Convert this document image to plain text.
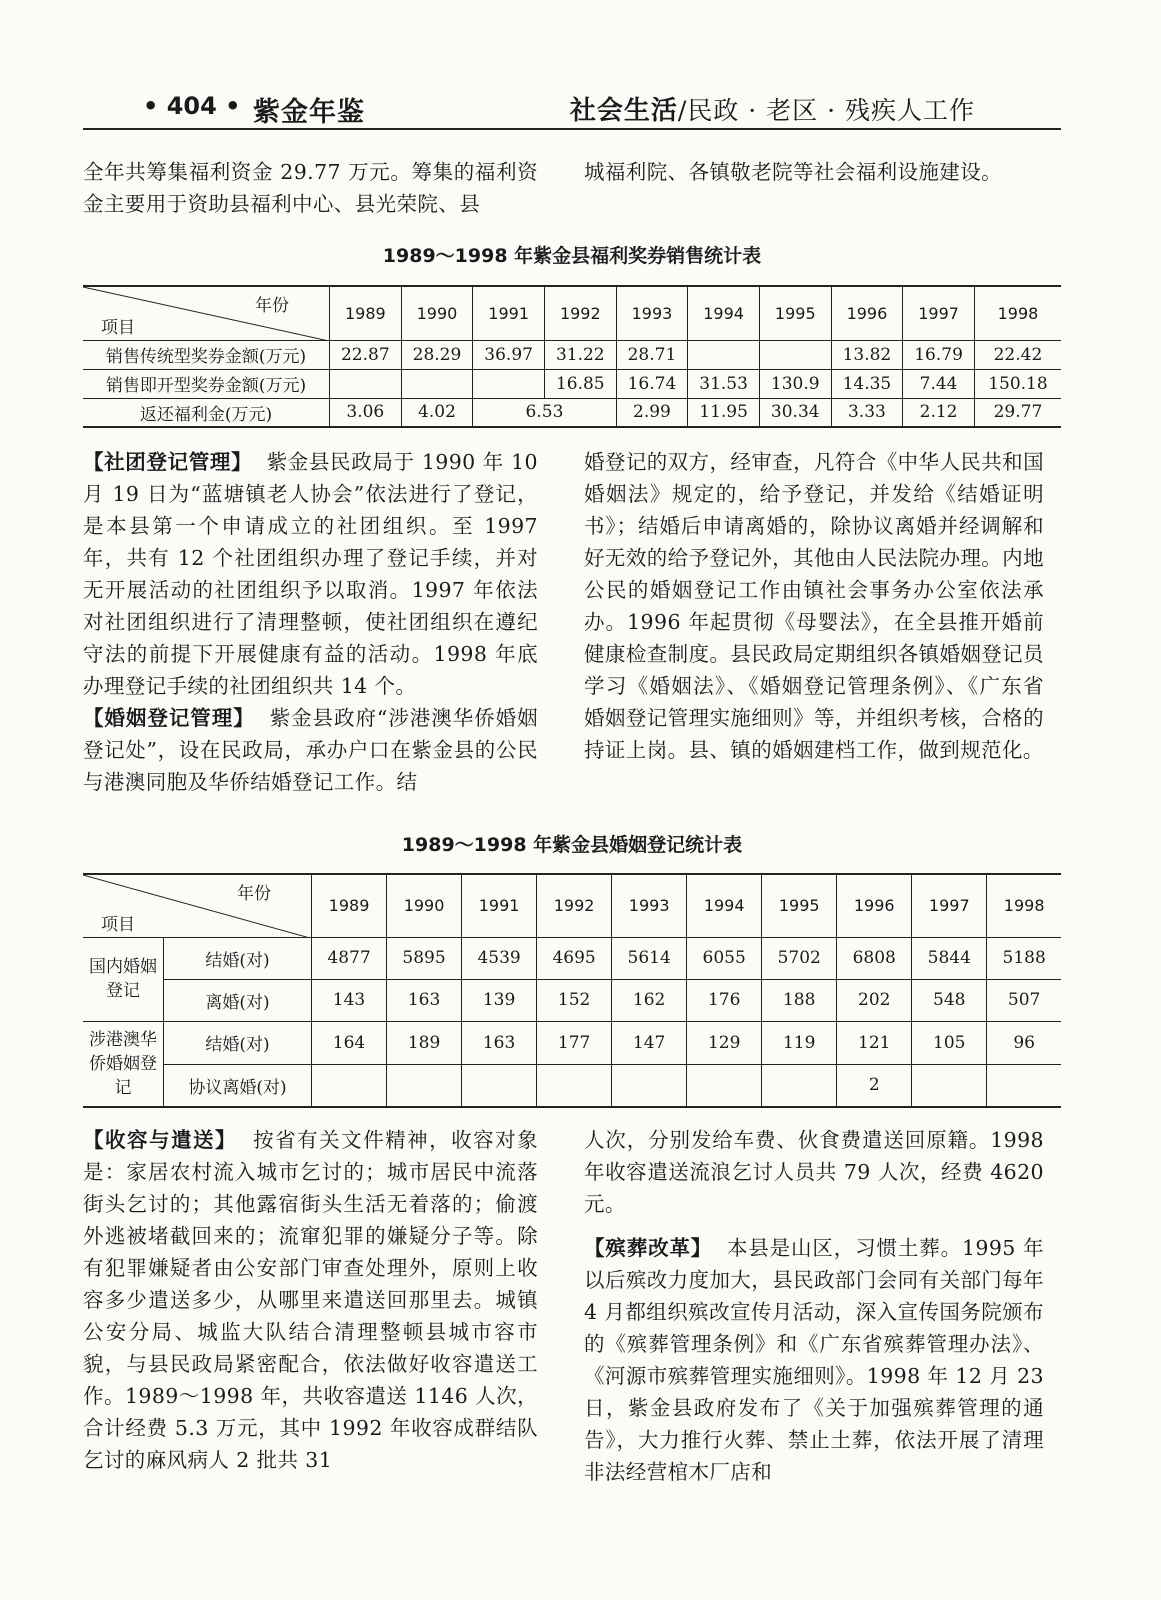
• 404 • 紫金年鉴	社会生活/民政 · 老区 · 残疾人工作

全年共筹集福利资金 29.77 万元。筹集的福利资金主要用于资助县福利中心、县光荣院、县

城福利院、各镇敬老院等社会福利设施建设。

1989～1998 年紫金县福利奖券销售统计表
年份
项目	1989	1990	1991	1992	1993	1994	1995	1996	1997	1998
销售传统型奖券金额(万元)	22.87	28.29	36.97	31.22	28.71			13.82	16.79	22.42
销售即开型奖券金额(万元)				16.85	16.74	31.53	130.9	14.35	7.44	150.18
返还福利金(万元)	3.06	4.02	6.53		2.99	11.95	30.34	3.33	2.12	29.77

【社团登记管理】 紫金县民政局于 1990 年 10 月 19 日为“蓝塘镇老人协会”依法进行了登记，是本县第一个申请成立的社团组织。至 1997 年，共有 12 个社团组织办理了登记手续，并对无开展活动的社团组织予以取消。1997 年依法对社团组织进行了清理整顿，使社团组织在遵纪守法的前提下开展健康有益的活动。1998 年底办理登记手续的社团组织共 14 个。

【婚姻登记管理】 紫金县政府“涉港澳华侨婚姻登记处”，设在民政局，承办户口在紫金县的公民与港澳同胞及华侨结婚登记工作。结

婚登记的双方，经审查，凡符合《中华人民共和国婚姻法》规定的，给予登记，并发给《结婚证明书》；结婚后申请离婚的，除协议离婚并经调解和好无效的给予登记外，其他由人民法院办理。内地公民的婚姻登记工作由镇社会事务办公室依法承办。1996 年起贯彻《母婴法》，在全县推开婚前健康检查制度。县民政局定期组织各镇婚姻登记员学习《婚姻法》、《婚姻登记管理条例》、《广东省婚姻登记管理实施细则》等，并组织考核，合格的持证上岗。县、镇的婚姻建档工作，做到规范化。

1989～1998 年紫金县婚姻登记统计表
年份
项目		1989	1990	1991	1992	1993	1994	1995	1996	1997	1998
国内婚姻登记	结婚(对)	4877	5895	4539	4695	5614	6055	5702	6808	5844	5188
	离婚(对)	143	163	139	152	162	176	188	202	548	507
涉港澳华侨婚姻登记	结婚(对)	164	189	163	177	147	129	119	121	105	96
	协议离婚(对)								2		

【收容与遣送】 按省有关文件精神，收容对象是：家居农村流入城市乞讨的；城市居民中流落街头乞讨的；其他露宿街头生活无着落的；偷渡外逃被堵截回来的；流窜犯罪的嫌疑分子等。除有犯罪嫌疑者由公安部门审查处理外，原则上收容多少遣送多少，从哪里来遣送回那里去。城镇公安分局、城监大队结合清理整顿县城市容市貌，与县民政局紧密配合，依法做好收容遣送工作。1989～1998 年，共收容遣送 1146 人次，合计经费 5.3 万元，其中 1992 年收容成群结队乞讨的麻风病人 2 批共 31

人次，分别发给车费、伙食费遣送回原籍。1998 年收容遣送流浪乞讨人员共 79 人次，经费 4620 元。

【殡葬改革】 本县是山区，习惯土葬。1995 年以后殡改力度加大，县民政部门会同有关部门每年 4 月都组织殡改宣传月活动，深入宣传国务院颁布的《殡葬管理条例》和《广东省殡葬管理办法》、《河源市殡葬管理实施细则》。1998 年 12 月 23 日，紫金县政府发布了《关于加强殡葬管理的通告》，大力推行火葬、禁止土葬，依法开展了清理非法经营棺木厂店和
